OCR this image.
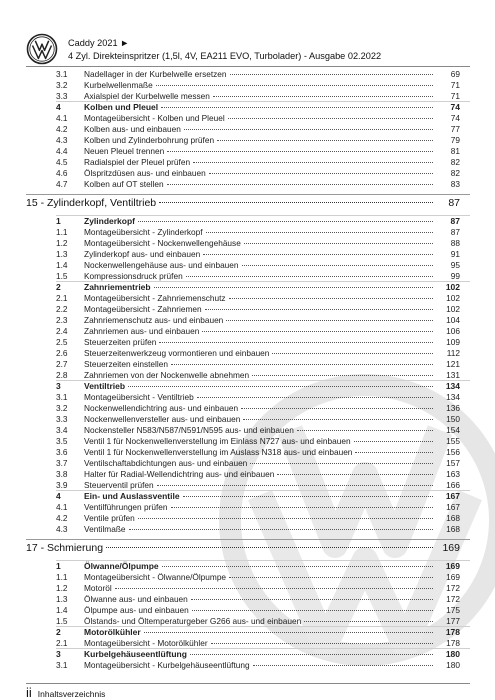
Caddy 2021 ►
4 Zyl. Direkteinspritzer (1,5l, 4V, EA211 EVO, Turbolader) - Ausgabe 02.2022
3.1 Nadellager in der Kurbelwelle ersetzen	69
3.2 Kurbelwellenmaße	71
3.3 Axialspiel der Kurbelwelle messen	71
4	Kolben und Pleuel	74
4.1 Montageübersicht - Kolben und Pleuel	74
4.2 Kolben aus- und einbauen	77
4.3 Kolben und Zylinderbohrung prüfen	79
4.4 Neuen Pleuel trennen	81
4.5 Radialspiel der Pleuel prüfen	82
4.6 Ölspritzdüsen aus- und einbauen	82
4.7 Kolben auf OT stellen	83
15 - Zylinderkopf, Ventiltrieb	87
1	Zylinderkopf	87
1.1 Montageübersicht - Zylinderkopf	87
1.2 Montageübersicht - Nockenwellengehäuse	88
1.3 Zylinderkopf aus- und einbauen	91
1.4 Nockenwellengehäuse aus- und einbauen	95
1.5 Kompressionsdruck prüfen	99
2	Zahnriementrieb	102
2.1 Montageübersicht - Zahnriemenschutz	102
2.2 Montageübersicht - Zahnriemen	102
2.3 Zahnriemenschutz aus- und einbauen	104
2.4 Zahnriemen aus- und einbauen	106
2.5 Steuerzeiten prüfen	109
2.6 Steuerzeitenwerkzeug vormontieren und einbauen	112
2.7 Steuerzeiten einstellen	121
2.8 Zahnriemen von der Nockenwelle abnehmen	131
3	Ventiltrieb	134
3.1 Montageübersicht - Ventiltrieb	134
3.2 Nockenwellendichtring aus- und einbauen	136
3.3 Nockenwellenversteller aus- und einbauen	150
3.4 Nockensteller N583/N587/N591/N595 aus- und einbauen	154
3.5 Ventil 1 für Nockenwellenverstellung im Einlass N727 aus- und einbauen	155
3.6 Ventil 1 für Nockenwellenverstellung im Auslass N318 aus- und einbauen	156
3.7 Ventilschaftabdichtungen aus- und einbauen	157
3.8 Halter für Radial-Wellendichtring aus- und einbauen	163
3.9 Steuerventil prüfen	166
4	Ein- und Auslassventile	167
4.1 Ventilführungen prüfen	167
4.2 Ventile prüfen	168
4.3 Ventilmaße	168
17 - Schmierung	169
1	Ölwanne/Ölpumpe	169
1.1 Montageübersicht - Ölwanne/Ölpumpe	169
1.2 Motoröl	172
1.3 Ölwanne aus- und einbauen	172
1.4 Ölpumpe aus- und einbauen	175
1.5 Ölstands- und Öltemperaturgeber G266 aus- und einbauen	177
2	Motorölkühler	178
2.1 Montageübersicht - Motorölkühler	178
3	Kurbelgehäuseentlüftung	180
3.1 Montageübersicht - Kurbelgehäuseentlüftung	180
ii Inhaltsverzeichnis
